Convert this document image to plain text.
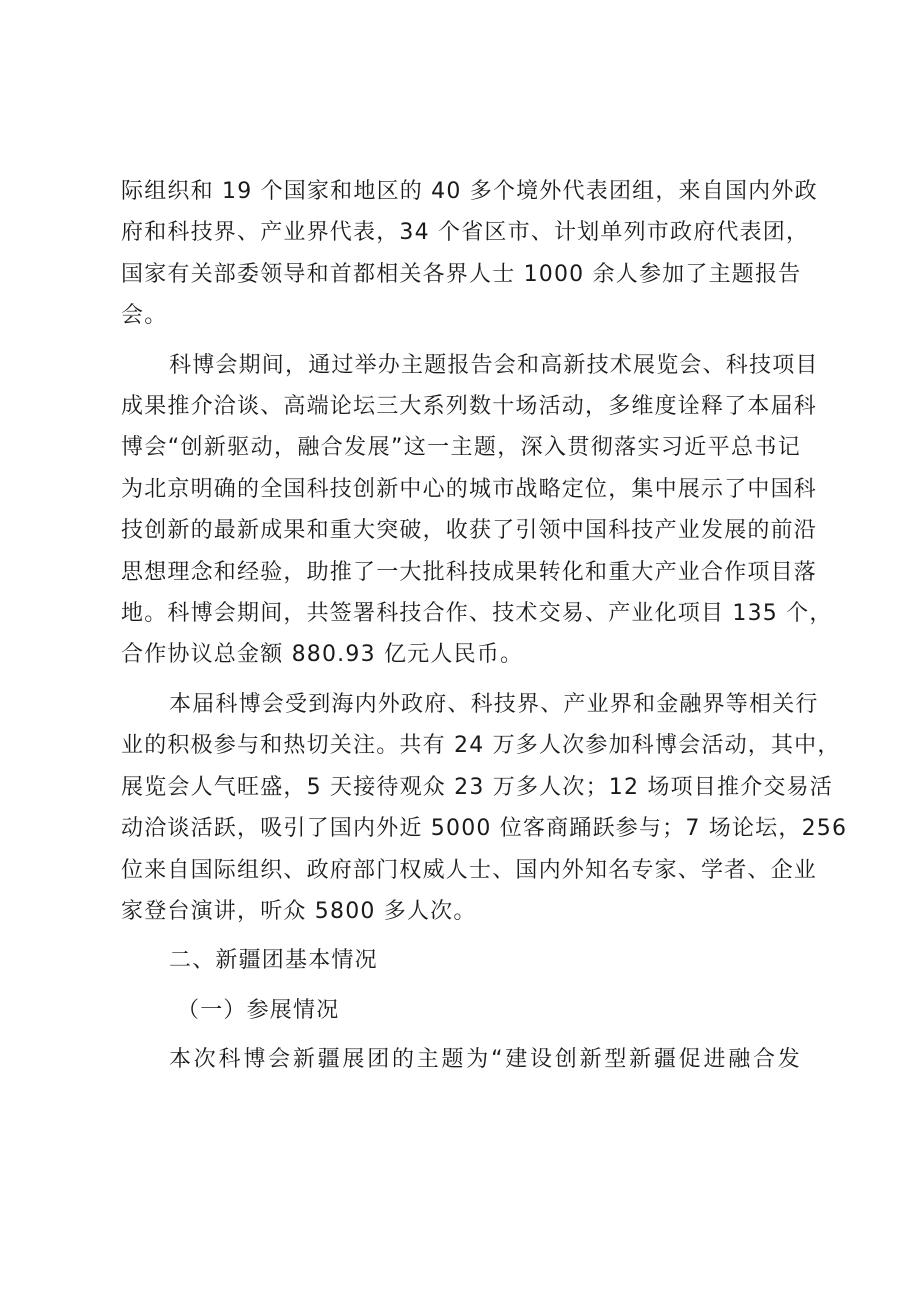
际组织和 19 个国家和地区的 40 多个境外代表团组，来自国内外政
府和科技界、产业界代表，34 个省区市、计划单列市政府代表团，
国家有关部委领导和首都相关各界人士 1000 余人参加了主题报告
会。
科博会期间，通过举办主题报告会和高新技术展览会、科技项目
成果推介洽谈、高端论坛三大系列数十场活动，多维度诠释了本届科
博会“创新驱动，融合发展”这一主题，深入贯彻落实习近平总书记
为北京明确的全国科技创新中心的城市战略定位，集中展示了中国科
技创新的最新成果和重大突破，收获了引领中国科技产业发展的前沿
思想理念和经验，助推了一大批科技成果转化和重大产业合作项目落
地。科博会期间，共签署科技合作、技术交易、产业化项目 135 个，
合作协议总金额 880.93 亿元人民币。
本届科博会受到海内外政府、科技界、产业界和金融界等相关行
业的积极参与和热切关注。共有 24 万多人次参加科博会活动，其中，
展览会人气旺盛，5 天接待观众 23 万多人次；12 场项目推介交易活
动洽谈活跃，吸引了国内外近 5000 位客商踊跃参与；7 场论坛，256
位来自国际组织、政府部门权威人士、国内外知名专家、学者、企业
家登台演讲，听众 5800 多人次。
二、新疆团基本情况
（一）参展情况
本次科博会新疆展团的主题为“建设创新型新疆促进融合发
